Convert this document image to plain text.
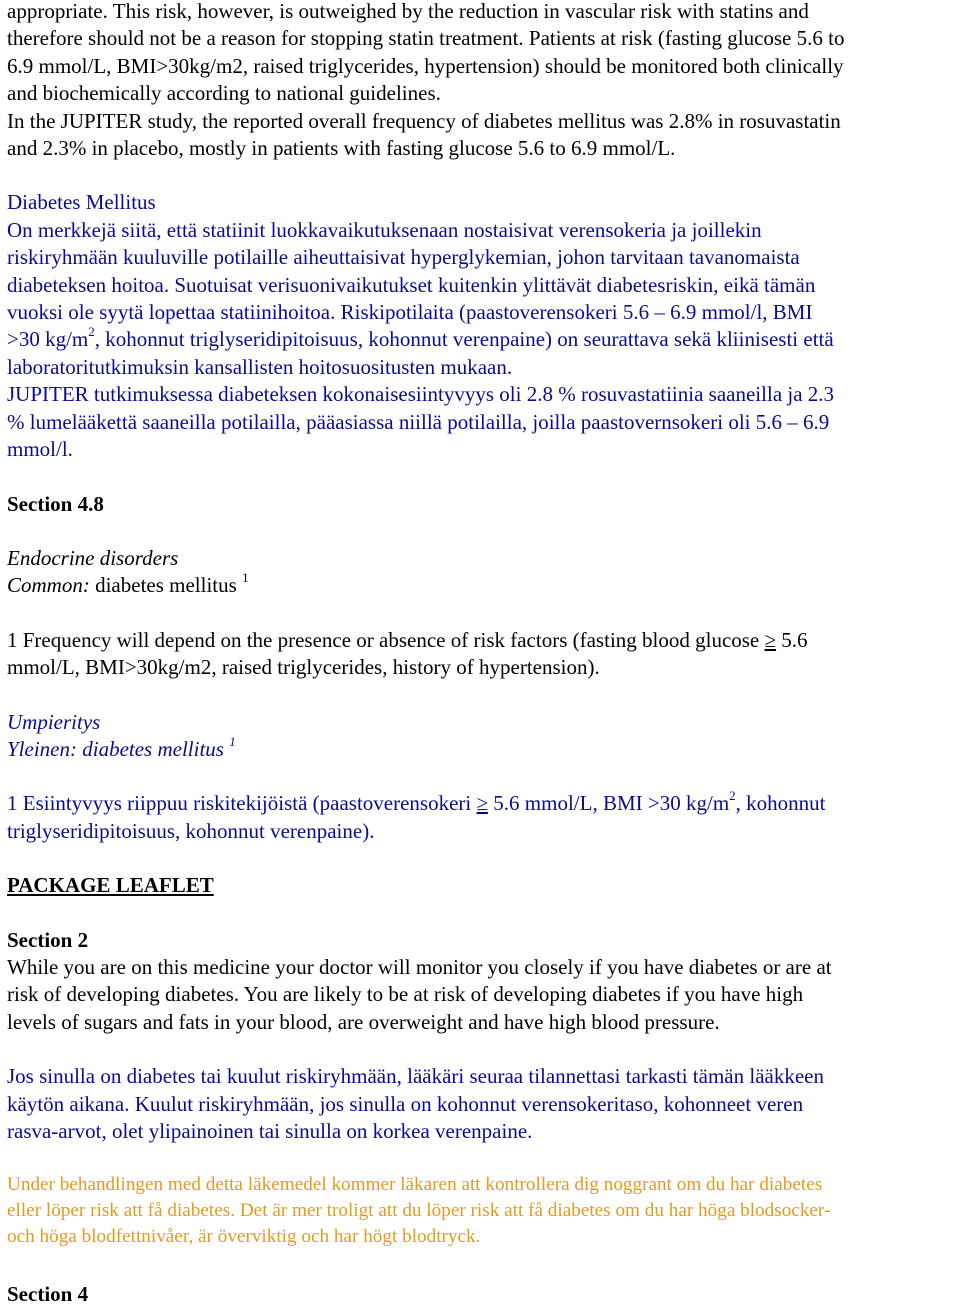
appropriate. This risk, however, is outweighed by the reduction in vascular risk with statins and

therefore should not be a reason for stopping statin treatment. Patients at risk (fasting glucose 5.6 to

6.9 mmol/L, BMI>30kg/m2, raised triglycerides, hypertension) should be monitored both clinically

and biochemically according to national guidelines.

In the JUPITER study, the reported overall frequency of diabetes mellitus was 2.8% in rosuvastatin

and 2.3% in placebo, mostly in patients with fasting glucose 5.6 to 6.9 mmol/L.

Diabetes Mellitus

On merkkejä siitä, että statiinit luokkavaikutuksenaan nostaisivat verensokeria ja joillekin

riskiryhmään kuuluville potilaille aiheuttaisivat hyperglykemian, johon tarvitaan tavanomaista

diabeteksen hoitoa. Suotuisat verisuonivaikutukset kuitenkin ylittävät diabetesriskin, eikä tämän

vuoksi ole syytä lopettaa statiinihoitoa. Riskipotilaita (paastoverensokeri 5.6 – 6.9 mmol/l, BMI

>30 $kg/m^2$, kohonnut triglyseridipitoisuus, kohonnut verenpaine) on seurattava sekä kliinisesti että

laboratoritutkimuksin kansallisten hoitosuositusten mukaan.

JUPITER tutkimuksessa diabeteksen kokonaisesiintyvyys oli 2.8 % rosuvastatiinia saaneilla ja 2.3

% lumelääkettä saaneilla potilailla, pääasiassa niillä potilailla, joilla paastovernsokeri oli 5.6 – 6.9

mmol/l.

Section 4.8

Endocrine disorders

Common: diabetes mellitus $^1$

1 Frequency will depend on the presence or absence of risk factors (fasting blood glucose ≥ 5.6

mmol/L, BMI>30kg/m2, raised triglycerides, history of hypertension).

Umpieritys

Yleinen: diabetes mellitus $^1$

1 Esiintyvyys riippuu riskitekijöistä (paastoverensokeri ≥ 5.6 mmol/L, BMI >30 $kg/m^2$, kohonnut

triglyseridipitoisuus, kohonnut verenpaine).

PACKAGE LEAFLET

Section 2

While you are on this medicine your doctor will monitor you closely if you have diabetes or are at

risk of developing diabetes. You are likely to be at risk of developing diabetes if you have high

levels of sugars and fats in your blood, are overweight and have high blood pressure.

Jos sinulla on diabetes tai kuulut riskiryhmään, lääkäri seuraa tilannettasi tarkasti tämän lääkkeen

käytön aikana. Kuulut riskiryhmään, jos sinulla on kohonnut verensokeritaso, kohonneet veren

rasva-arvot, olet ylipainoinen tai sinulla on korkea verenpaine.

Under behandlingen med detta läkemedel kommer läkaren att kontrollera dig noggrant om du har diabetes

eller löper risk att få diabetes. Det är mer troligt att du löper risk att få diabetes om du har höga blodsocker-

och höga blodfettnivåer, är överviktig och har högt blodtryck.

Section 4
